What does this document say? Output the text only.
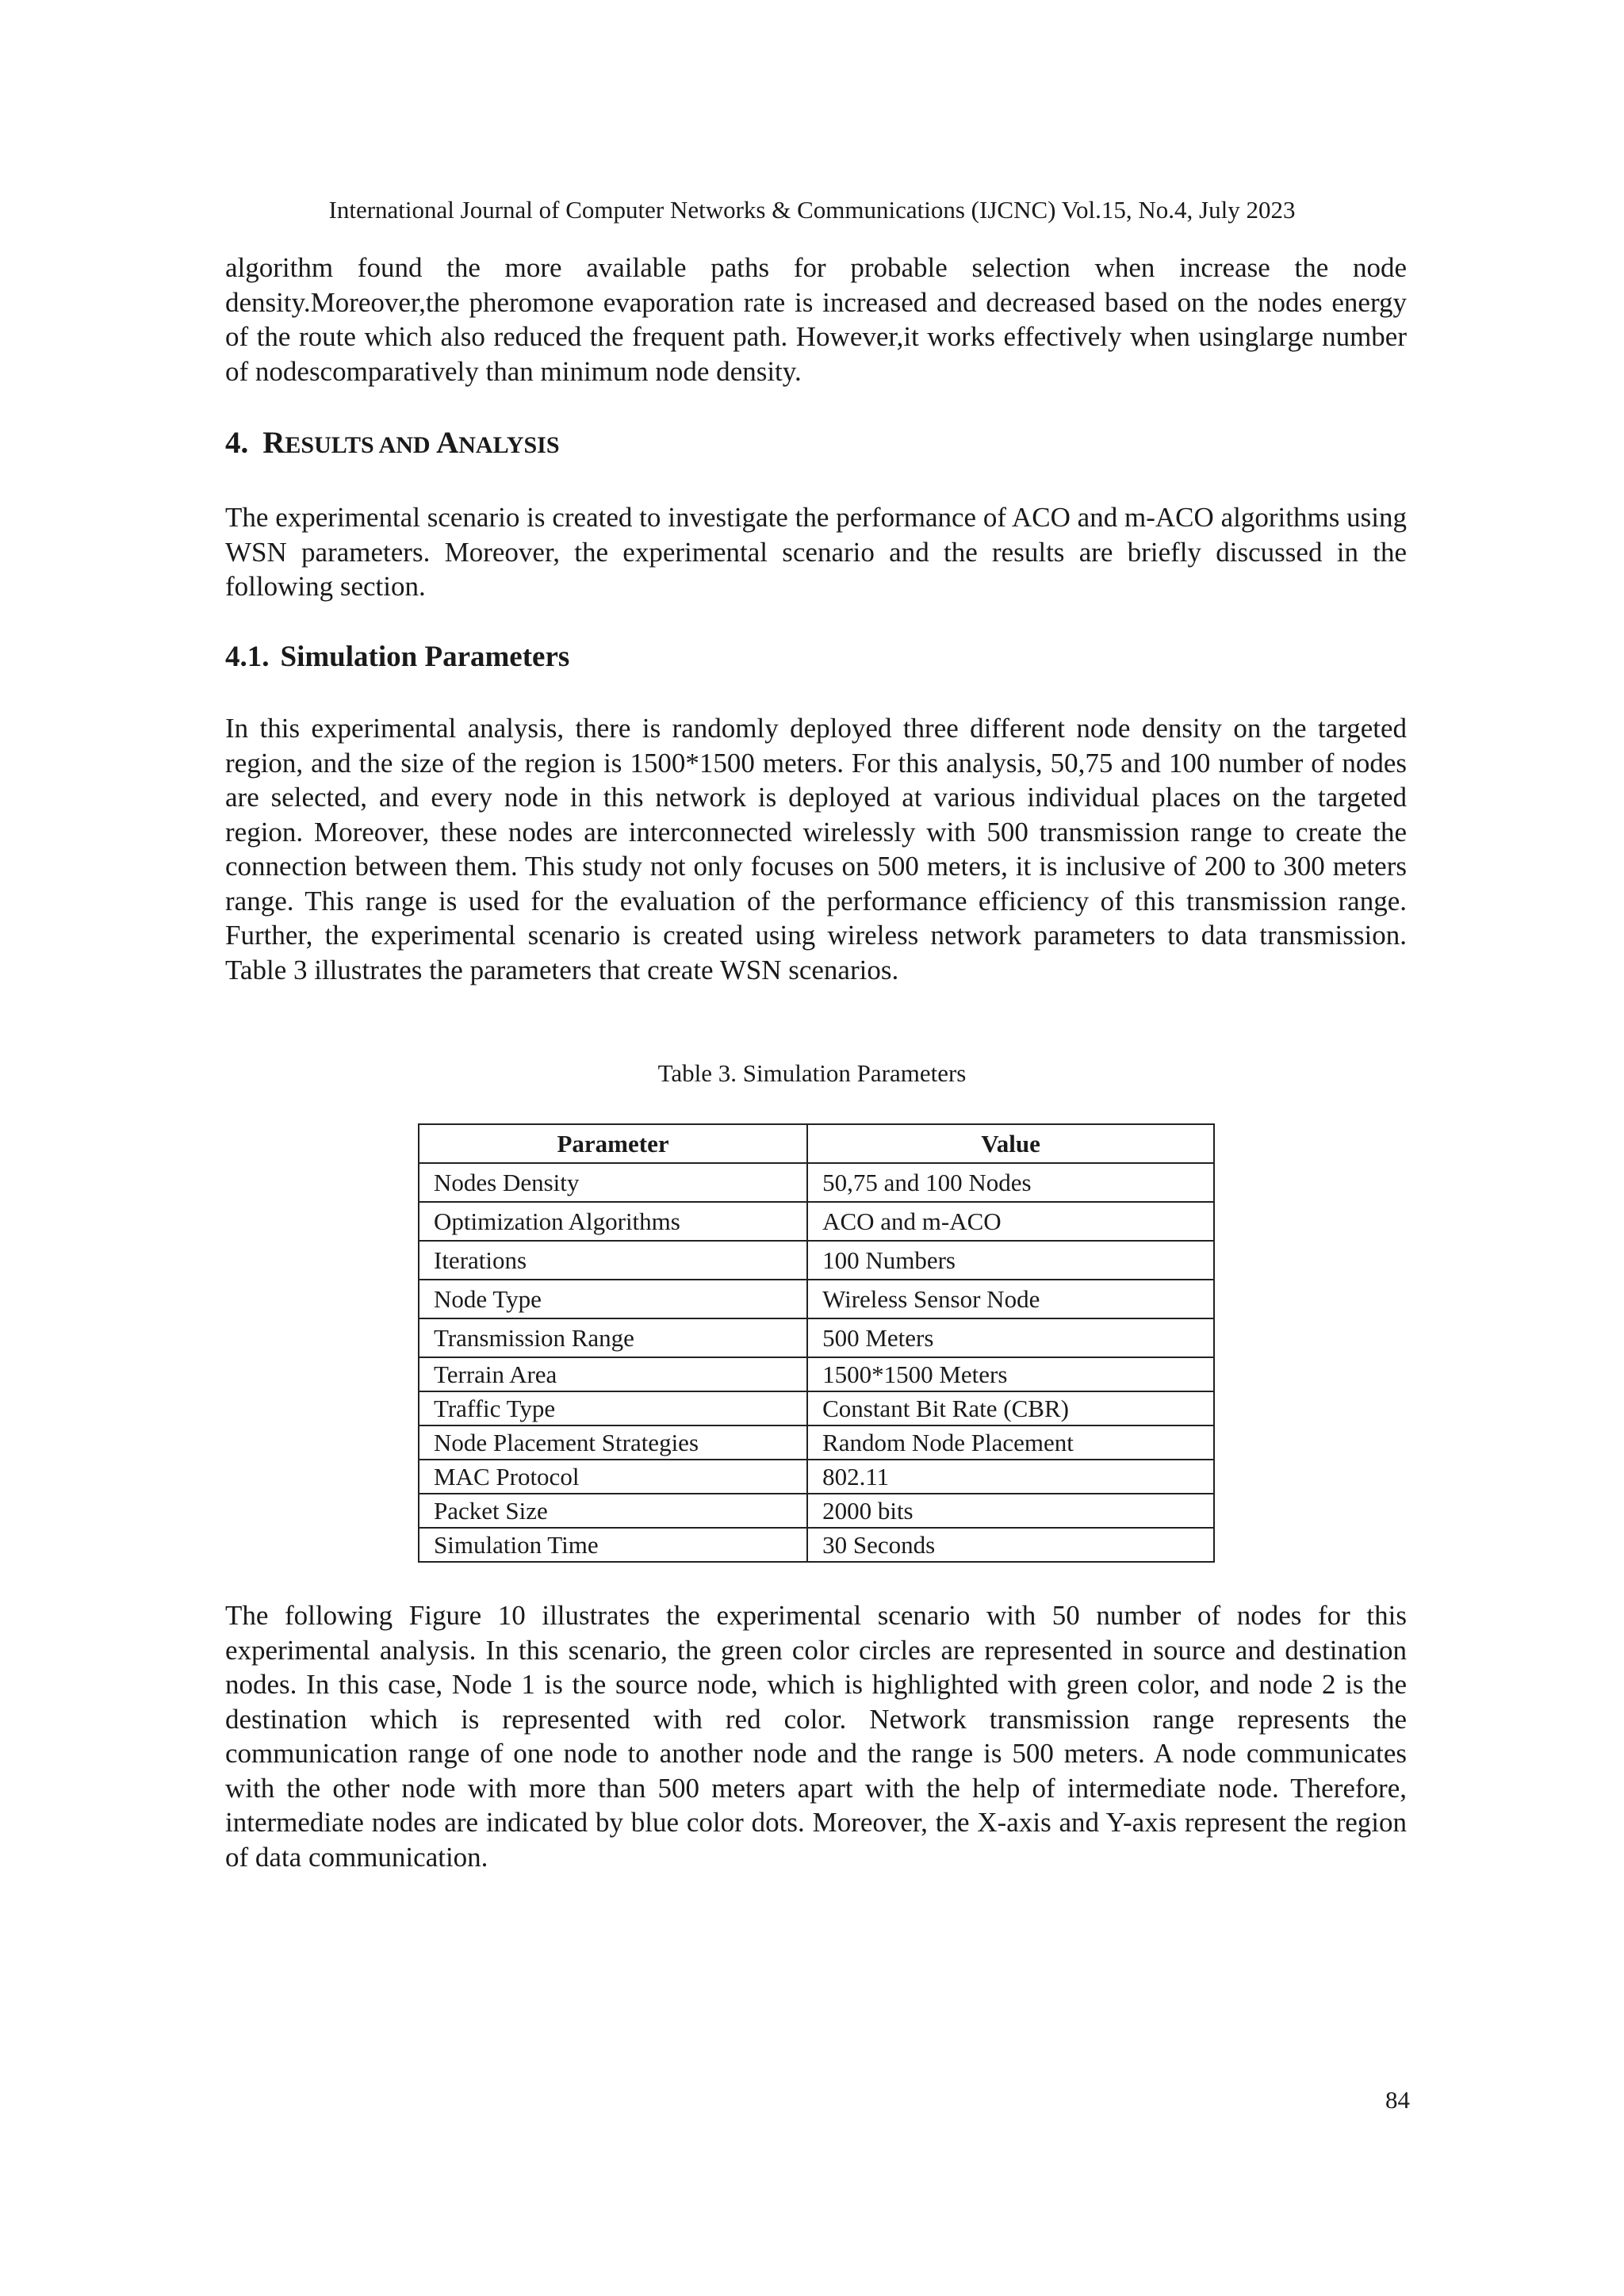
International Journal of Computer Networks & Communications (IJCNC) Vol.15, No.4, July 2023

algorithm found the more available paths for probable selection when increase the node density.Moreover,the pheromone evaporation rate is increased and decreased based on the nodes energy of the route which also reduced the frequent path. However,it works effectively when usinglarge number of nodescomparatively than minimum node density.

4. RESULTS AND ANALYSIS

The experimental scenario is created to investigate the performance of ACO and m-ACO algorithms using WSN parameters. Moreover, the experimental scenario and the results are briefly discussed in the following section.

4.1. Simulation Parameters

In this experimental analysis, there is randomly deployed three different node density on the targeted region, and the size of the region is 1500*1500 meters. For this analysis, 50,75 and 100 number of nodes are selected, and every node in this network is deployed at various individual places on the targeted region. Moreover, these nodes are interconnected wirelessly with 500 transmission range to create the connection between them. This study not only focuses on 500 meters, it is inclusive of 200 to 300 meters range. This range is used for the evaluation of the performance efficiency of this transmission range. Further, the experimental scenario is created using wireless network parameters to data transmission. Table 3 illustrates the parameters that create WSN scenarios.

Table 3. Simulation Parameters
Parameter	Value
Nodes Density	50,75 and 100 Nodes
Optimization Algorithms	ACO and m-ACO
Iterations	100 Numbers
Node Type	Wireless Sensor Node
Transmission Range	500 Meters
Terrain Area	1500*1500 Meters
Traffic Type	Constant Bit Rate (CBR)
Node Placement Strategies	Random Node Placement
MAC Protocol	802.11
Packet Size	2000 bits
Simulation Time	30 Seconds

The following Figure 10 illustrates the experimental scenario with 50 number of nodes for this experimental analysis. In this scenario, the green color circles are represented in source and destination nodes. In this case, Node 1 is the source node, which is highlighted with green color, and node 2 is the destination which is represented with red color. Network transmission range represents the communication range of one node to another node and the range is 500 meters. A node communicates with the other node with more than 500 meters apart with the help of intermediate node. Therefore, intermediate nodes are indicated by blue color dots. Moreover, the X-axis and Y-axis represent the region of data communication.

84
